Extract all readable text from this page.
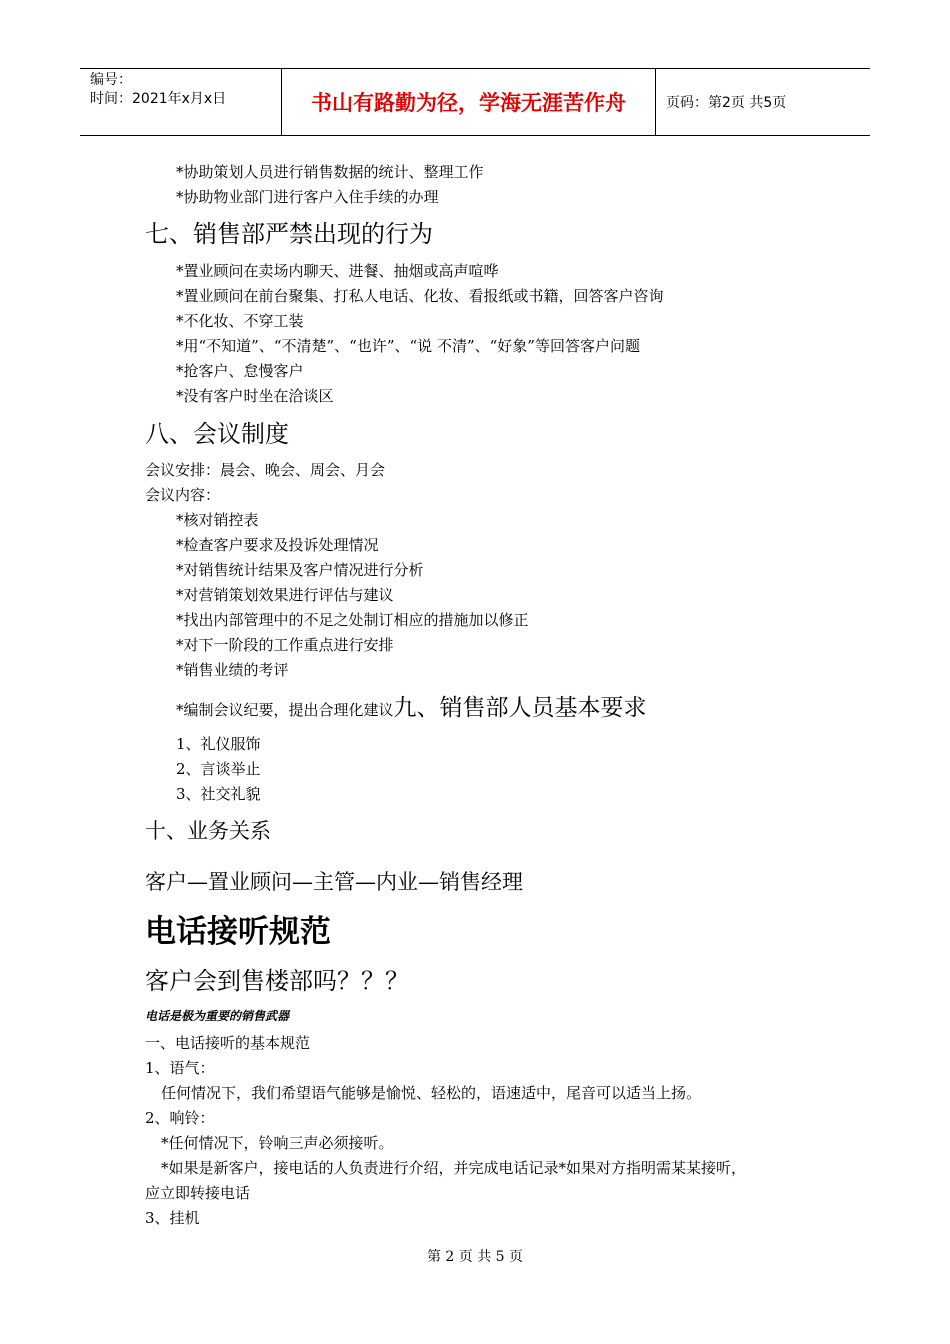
编号：
时间：2021年x月x日	书山有路勤为径，学海无涯苦作舟	页码：第2页 共5页
*协助策划人员进行销售数据的统计、整理工作
*协助物业部门进行客户入住手续的办理
七、销售部严禁出现的行为
*置业顾问在卖场内聊天、进餐、抽烟或高声喧哗
*置业顾问在前台聚集、打私人电话、化妆、看报纸或书籍，回答客户咨询
*不化妆、不穿工装
*用“不知道”、“不清楚”、“也许”、“说 不清”、“好象”等回答客户问题
*抢客户、怠慢客户
*没有客户时坐在洽谈区
八、会议制度
会议安排：晨会、晚会、周会、月会
会议内容：
*核对销控表
*检查客户要求及投诉处理情况
*对销售统计结果及客户情况进行分析
*对营销策划效果进行评估与建议
*找出内部管理中的不足之处制订相应的措施加以修正
*对下一阶段的工作重点进行安排
*销售业绩的考评
*编制会议纪要，提出合理化建议九、销售部人员基本要求
1、礼仪服饰
2、言谈举止
3、社交礼貌
十、业务关系
客户—置业顾问—主管—内业—销售经理
电话接听规范
客户会到售楼部吗？？？
电话是极为重要的销售武器
一、电话接听的基本规范
1、语气：
任何情况下，我们希望语气能够是愉悦、轻松的，语速适中，尾音可以适当上扬。
2、响铃：
*任何情况下，铃响三声必须接听。
*如果是新客户，接电话的人负责进行介绍，并完成电话记录*如果对方指明需某某接听，
应立即转接电话
3、挂机
第 2 页 共 5 页
